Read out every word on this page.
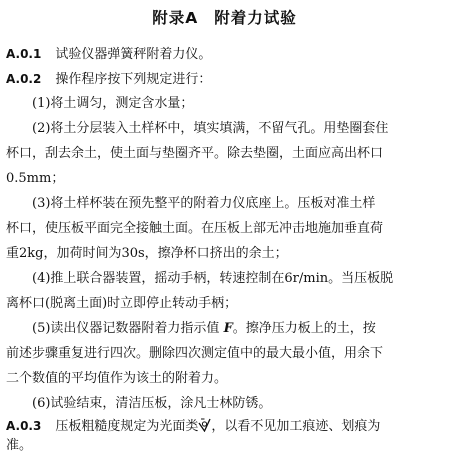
附录A 附着力试验
A.0.1 试验仪器弹簧秤附着力仪。
A.0.2 操作程序按下列规定进行：
(1)将土调匀，测定含水量；
(2)将土分层装入土样杯中，填实填满，不留气孔。用垫圈套住
杯口，刮去余土，使土面与垫圈齐平。除去垫圈，土面应高出杯口
0.5mm；
(3)将土样杯装在预先整平的附着力仪底座上。压板对准土样
杯口，使压板平面完全接触土面。在压板上部无冲击地施加垂直荷
重2kg，加荷时间为30s，擦净杯口挤出的余土；
(4)推上联合器装置，摇动手柄，转速控制在6r/min。当压板脱
离杯口(脱离土面)时立即停止转动手柄；
(5)读出仪器记数器附着力指示值 F。擦净压力板上的土，按
前述步骤重复进行四次。删除四次测定值中的最大最小值，用余下
二个数值的平均值作为该土的附着力。
(6)试验结束，清洁压板，涂凡士林防锈。
A.0.3 压板粗糙度规定为光面类 ，以看不见加工痕迹、划痕为
准。
